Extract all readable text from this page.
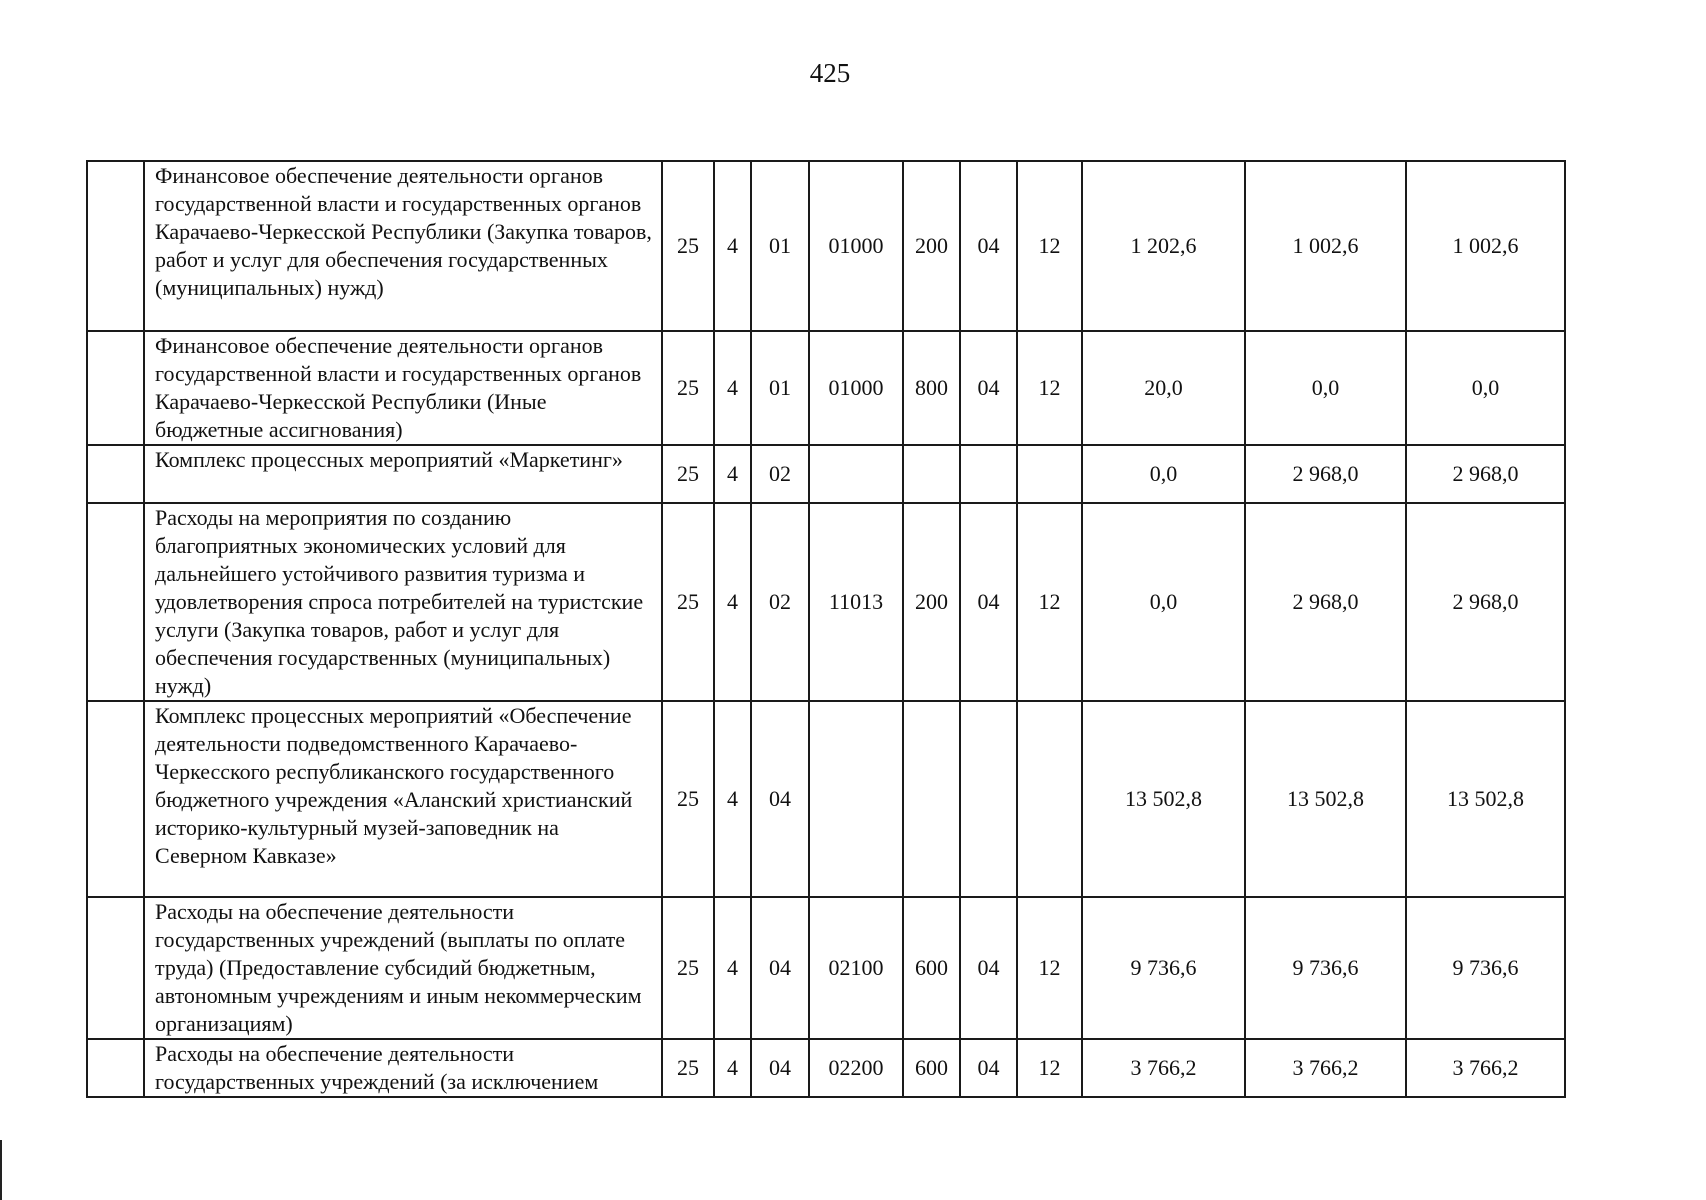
425
	Финансовое обеспечение деятельности органов государственной власти и государственных органов Карачаево-Черкесской Республики (Закупка товаров, работ и услуг для обеспечения государственных (муниципальных) нужд)	25	4	01	01000	200	04	12	1 202,6	1 002,6	1 002,6
	Финансовое обеспечение деятельности органов государственной власти и государственных органов Карачаево-Черкесской Республики (Иные бюджетные ассигнования)	25	4	01	01000	800	04	12	20,0	0,0	0,0
	Комплекс процессных мероприятий «Маркетинг»	25	4	02					0,0	2 968,0	2 968,0
	Расходы на мероприятия по созданию благоприятных экономических условий для дальнейшего устойчивого развития туризма и удовлетворения спроса потребителей на туристские услуги (Закупка товаров, работ и услуг для обеспечения государственных (муниципальных) нужд)	25	4	02	11013	200	04	12	0,0	2 968,0	2 968,0
	Комплекс процессных мероприятий «Обеспечение деятельности подведомственного Карачаево-Черкесского республиканского государственного бюджетного учреждения «Аланский христианский историко-культурный музей-заповедник на Северном Кавказе»	25	4	04					13 502,8	13 502,8	13 502,8
	Расходы на обеспечение деятельности государственных учреждений (выплаты по оплате труда) (Предоставление субсидий бюджетным, автономным учреждениям и иным некоммерческим организациям)	25	4	04	02100	600	04	12	9 736,6	9 736,6	9 736,6
	Расходы на обеспечение деятельности государственных учреждений (за исключением	25	4	04	02200	600	04	12	3 766,2	3 766,2	3 766,2
